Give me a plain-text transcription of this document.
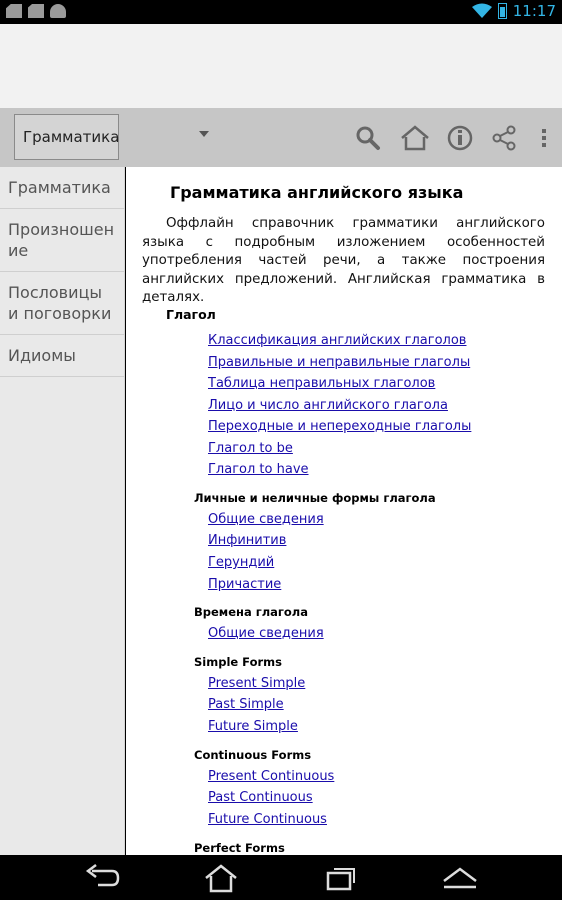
11:17
Грамматика
Грамматика
Произношение
Пословицы и поговорки
Идиомы
Грамматика английского языка
Оффлайн справочник грамматики английского языка с подробным изложением особенностей употребления частей речи, а также построения английских предложений. Английская грамматика в деталях.
Глагол
Классификация английских глаголов
Правильные и неправильные глаголы
Таблица неправильных глаголов
Лицо и число английского глагола
Переходные и непереходные глаголы
Глагол to be
Глагол to have
Личные и неличные формы глагола
Общие сведения
Инфинитив
Герундий
Причастие
Времена глагола
Общие сведения
Simple Forms
Present Simple
Past Simple
Future Simple
Continuous Forms
Present Continuous
Past Continuous
Future Continuous
Perfect Forms
